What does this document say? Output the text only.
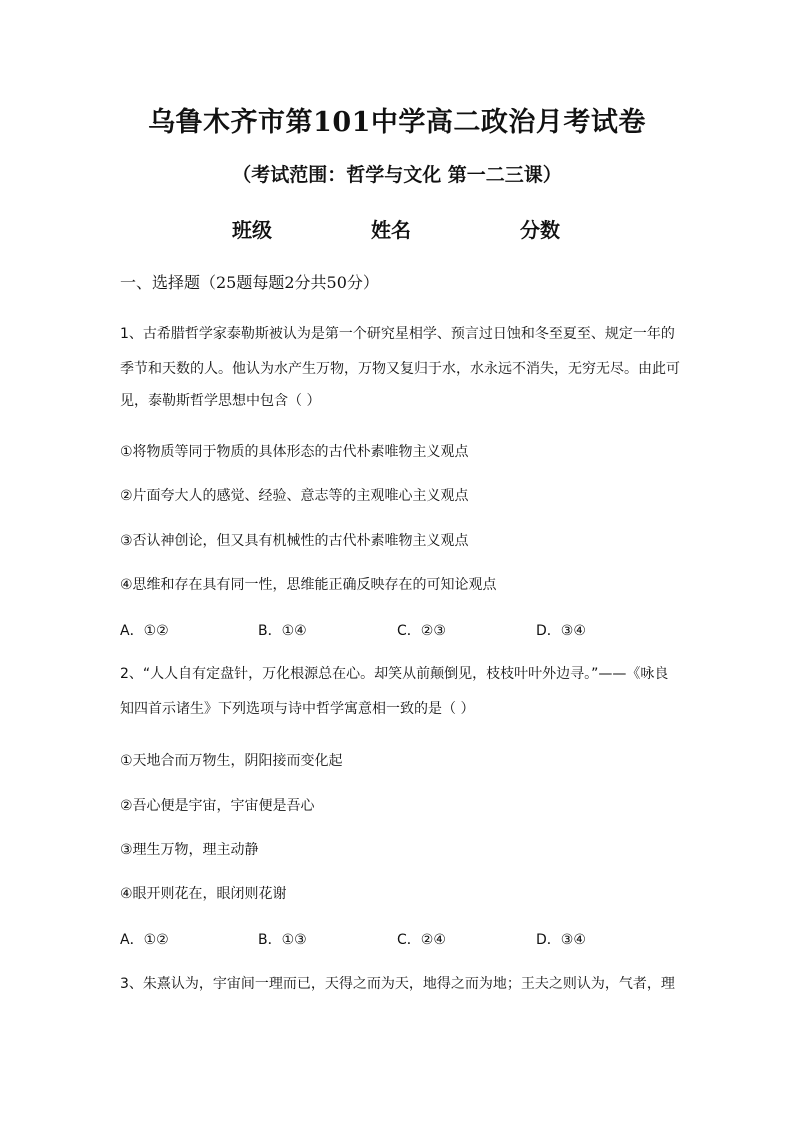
乌鲁木齐市第101中学高二政治月考试卷
（考试范围：哲学与文化 第一二三课）
班级	姓名	分数
一、选择题（25题每题2分共50分）
1、古希腊哲学家泰勒斯被认为是第一个研究星相学、预言过日蚀和冬至夏至、规定一年的
季节和天数的人。他认为水产生万物，万物又复归于水，水永远不消失，无穷无尽。由此可
见，泰勒斯哲学思想中包含（ ）
①将物质等同于物质的具体形态的古代朴素唯物主义观点
②片面夸大人的感觉、经验、意志等的主观唯心主义观点
③否认神创论，但又具有机械性的古代朴素唯物主义观点
④思维和存在具有同一性，思维能正确反映存在的可知论观点
A．①②	B．①④	C．②③	D．③④
2、“人人自有定盘针，万化根源总在心。却笑从前颠倒见，枝枝叶叶外边寻。”——《咏良
知四首示诸生》下列选项与诗中哲学寓意相一致的是（ ）
①天地合而万物生，阴阳接而变化起
②吾心便是宇宙，宇宙便是吾心
③理生万物，理主动静
④眼开则花在，眼闭则花谢
A．①②	B．①③	C．②④	D．③④
3、朱熹认为，宇宙间一理而已，天得之而为天，地得之而为地；王夫之则认为，气者，理
